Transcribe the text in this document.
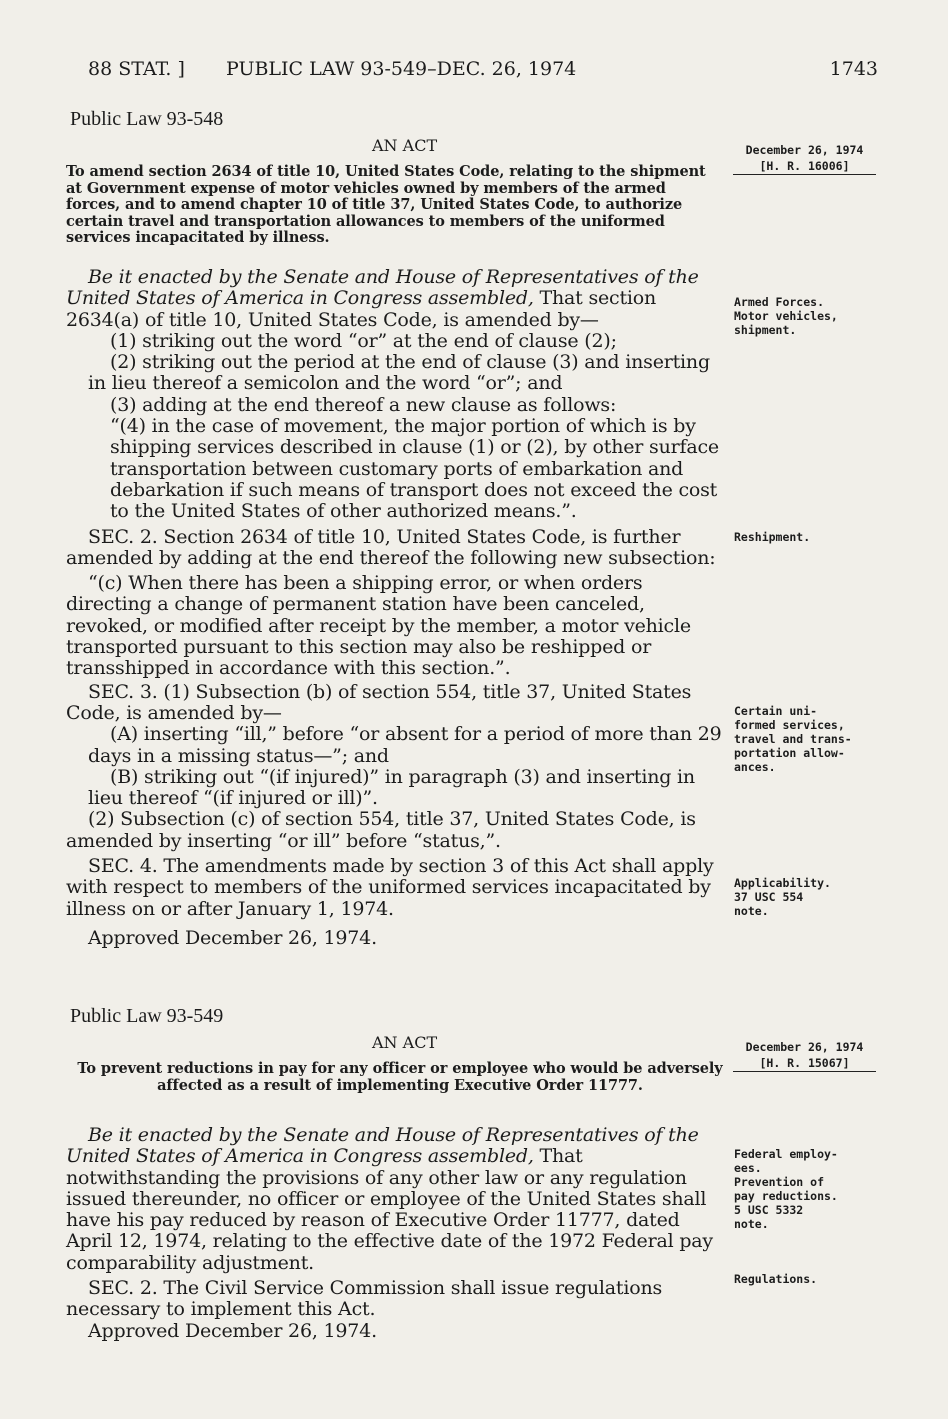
88 STAT. ] PUBLIC LAW 93-549–DEC. 26, 1974	1743
Public Law 93-548
AN ACT	December 26, 1974
[H. R. 16006]
To amend section 2634 of title 10, United States Code, relating to the shipment at Government expense of motor vehicles owned by members of the armed forces, and to amend chapter 10 of title 37, United States Code, to authorize certain travel and transportation allowances to members of the uniformed services incapacitated by illness.

Be it enacted by the Senate and House of Representatives of the United States of America in Congress assembled, That section 2634(a) of title 10, United States Code, is amended by—

(1) striking out the word “or” at the end of clause (2);

(2) striking out the period at the end of clause (3) and inserting in lieu thereof a semicolon and the word “or”; and

(3) adding at the end thereof a new clause as follows:

“(4) in the case of movement, the major portion of which is by shipping services described in clause (1) or (2), by other surface transportation between customary ports of embarkation and debarkation if such means of transport does not exceed the cost to the United States of other authorized means.”.

SEC. 2. Section 2634 of title 10, United States Code, is further amended by adding at the end thereof the following new subsection:

“(c) When there has been a shipping error, or when orders directing a change of permanent station have been canceled, revoked, or modified after receipt by the member, a motor vehicle transported pursuant to this section may also be reshipped or transshipped in accordance with this section.”.

SEC. 3. (1) Subsection (b) of section 554, title 37, United States Code, is amended by—

(A) inserting “ill,” before “or absent for a period of more than 29 days in a missing status—”; and

(B) striking out “(if injured)” in paragraph (3) and inserting in lieu thereof “(if injured or ill)”.

(2) Subsection (c) of section 554, title 37, United States Code, is amended by inserting “or ill” before “status,”.

SEC. 4. The amendments made by section 3 of this Act shall apply with respect to members of the uniformed services incapacitated by illness on or after January 1, 1974.

Approved December 26, 1974.

Armed Forces.
Motor vehicles,
shipment.
Reshipment.
Certain uni-
formed services,
travel and trans-
portation allow-
ances.
Applicability.
37 USC 554
note.
Public Law 93-549
AN ACT	December 26, 1974
[H. R. 15067]
To prevent reductions in pay for any officer or employee who would be adversely affected as a result of implementing Executive Order 11777.

Be it enacted by the Senate and House of Representatives of the United States of America in Congress assembled, That notwithstanding the provisions of any other law or any regulation issued thereunder, no officer or employee of the United States shall have his pay reduced by reason of Executive Order 11777, dated April 12, 1974, relating to the effective date of the 1972 Federal pay comparability adjustment.

SEC. 2. The Civil Service Commission shall issue regulations necessary to implement this Act.

Approved December 26, 1974.

Federal employ-
ees.
Prevention of
pay reductions.
5 USC 5332
note.
Regulations.
